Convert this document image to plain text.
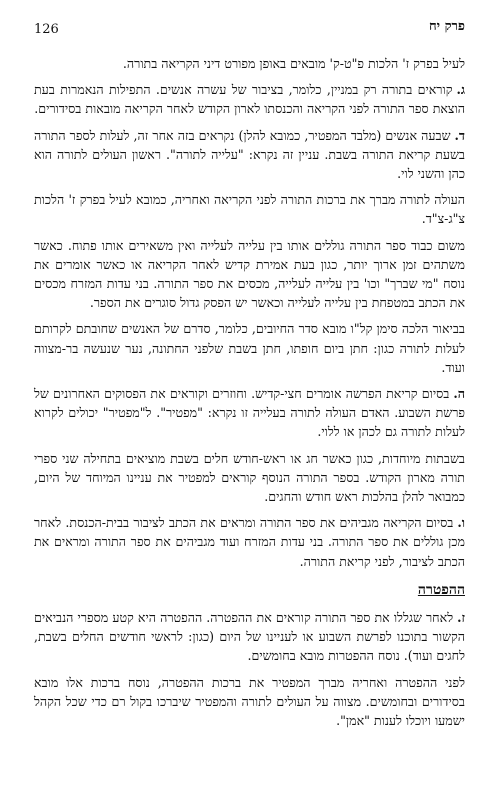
126	פרק יח

לעיל בפרק ז' הלכות פ"ט-ק' מובאים באופן מפורט דיני הקריאה בתורה.

ג.קוראים בתורה רק במניין, כלומר, בציבור של עשרה אנשים. התפילות הנאמרות בעת הוצאת ספר התורה לפני הקריאה והכנסתו לארון הקודש לאחר הקריאה מובאות בסידורים.

ד.שבעה אנשים (מלבד המפטיר, כמובא להלן) נקראים בזה אחר זה, לעלות לספר התורה בשעת קריאת התורה בשבת. עניין זה נקרא: "עלייה לתורה". ראשון העולים לתורה הוא כהן והשני לוי.

העולה לתורה מברך את ברכות התורה לפני הקריאה ואחריה, כמובא לעיל בפרק ז' הלכות צ"ג-צ"ד.

משום כבוד ספר התורה גוללים אותו בין עלייה לעלייה ואין משאירים אותו פתוח. כאשר משתהים זמן ארוך יותר, כגון בעת אמירת קדיש לאחר הקריאה או כאשר אומרים את נוסח "מי שברך" וכו' בין עלייה לעלייה, מכסים את ספר התורה. בני עדות המזרח מכסים את הכתב במטפחת בין עלייה לעלייה וכאשר יש הפסק גדול סוגרים את הספר.

בביאור הלכה סימן קל"ו מובא סדר החיובים, כלומר, סדרם של האנשים שחובתם לקרותם לעלות לתורה כגון: חתן ביום חופתו, חתן בשבת שלפני החתונה, נער שנעשה בר-מצווה ועוד.

ה.בסיום קריאת הפרשה אומרים חצי-קדיש. וחוזרים וקוראים את הפסוקים האחרונים של פרשת השבוע. האדם העולה לתורה בעלייה זו נקרא: "מפטיר". ל"מפטיר" יכולים לקרוא לעלות לתורה גם לכהן או ללוי.

בשבתות מיוחדות, כגון כאשר חג או ראש-חודש חלים בשבת מוציאים בתחילה שני ספרי תורה מארון הקודש. בספר התורה הנוסף קוראים למפטיר את עניינו המיוחד של היום, כמבואר להלן בהלכות ראש חודש והחגים.

ו.בסיום הקריאה מגביהים את ספר התורה ומראים את הכתב לציבור בבית-הכנסת. לאחר מכן גוללים את ספר התורה. בני עדות המזרח ועוד מגביהים את ספר התורה ומראים את הכתב לציבור, לפני קריאת התורה.

ההפטרה

ז.לאחר שגללו את ספר התורה קוראים את ההפטרה. ההפטרה היא קטע מספרי הנביאים הקשור בתוכנו לפרשת השבוע או לעניינו של היום (כגון: לראשי חודשים החלים בשבת, לחגים ועוד). נוסח ההפטרות מובא בחומשים.

לפני ההפטרה ואחריה מברך המפטיר את ברכות ההפטרה, נוסח ברכות אלו מובא בסידורים ובחומשים. מצווה על העולים לתורה והמפטיר שיברכו בקול רם כדי שכל הקהל ישמעו ויוכלו לענות "אמן".
